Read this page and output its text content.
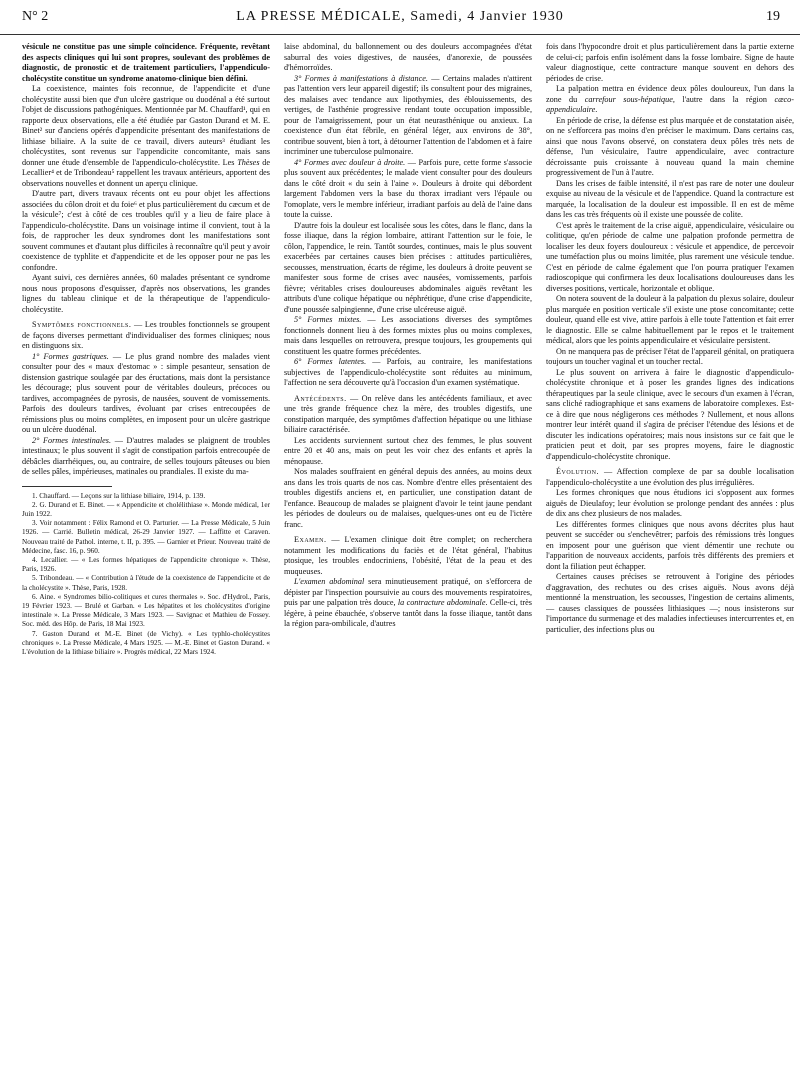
N° 2	LA PRESSE MÉDICALE, Samedi, 4 Janvier 1930	19

vésicule ne constitue pas une simple coïncidence. Fréquente, revêtant des aspects cliniques qui lui sont propres, soulevant des problèmes de diagnostic, de pronostic et de traitement particuliers, l'appendiculo-cholécystite constitue un syndrome anatomo-clinique bien défini.

La coexistence, maintes fois reconnue, de l'appendicite et d'une cholécystite aussi bien que d'un ulcère gastrique ou duodénal a été surtout l'objet de discussions pathogéniques. Mentionnée par M. Chauffard¹, qui en rapporte deux observations, elle a été étudiée par Gaston Durand et M. E. Binet² sur d'anciens opérés d'appendicite présentant des manifestations de lithiase biliaire. A la suite de ce travail, divers auteurs³ étudiant les cholécystites, sont revenus sur l'appendicite concomitante, mais sans donner une étude d'ensemble de l'appendiculo-cholécystite. Les Thèses de Lecallier⁴ et de Tribondeau⁵ rappellent les travaux antérieurs, apportent des observations nouvelles et donnent un aperçu clinique.

D'autre part, divers travaux récents ont eu pour objet les affections associées du côlon droit et du foie⁶ et plus particulièrement du cæcum et de la vésicule⁷; c'est à côté de ces troubles qu'il y a lieu de faire place à l'appendiculo-cholécystite. Dans un voisinage intime il convient, tout à la fois, de rapprocher les deux syndromes dont les manifestations sont souvent communes et d'autant plus difficiles à reconnaître qu'il peut y avoir coexistence de typhlite et d'appendicite et de les opposer pour ne pas les confondre.

Ayant suivi, ces dernières années, 60 malades présentant ce syndrome nous nous proposons d'esquisser, d'après nos observations, les grandes lignes du tableau clinique et de la thérapeutique de l'appendiculo-cholécystite.

Symptômes fonctionnels. — Les troubles fonctionnels se groupent de façons diverses permettant d'individualiser des formes cliniques; nous en distinguons six.

1° Formes gastriques. — Le plus grand nombre des malades vient consulter pour des « maux d'estomac » : simple pesanteur, sensation de distension gastrique soulagée par des éructations, mais dont la persistance les décourage; plus souvent pour de véritables douleurs, précoces ou tardives, accompagnées de pyrosis, de nausées, souvent de vomissements. Parfois des douleurs tardives, évoluant par crises entrecoupées de rémissions plus ou moins complètes, en imposent pour un ulcère gastrique ou un ulcère duodénal.

2° Formes intestinales. — D'autres malades se plaignent de troubles intestinaux; le plus souvent il s'agit de constipation parfois entrecoupée de débâcles diarrhéiques, ou, au contraire, de selles toujours pâteuses ou bien de selles pâles, impérieuses, matinales ou prandiales. Il existe du ma-

1. Chauffard. — Leçons sur la lithiase biliaire, 1914, p. 139.

2. G. Durand et E. Binet. — « Appendicite et cholélithiase ». Monde médical, 1er Juin 1922.

3. Voir notamment : Félix Ramond et O. Parturier. — La Presse Médicale, 5 Juin 1926. — Carrié. Bulletin médical, 26-29 Janvier 1927. — Laffitte et Caraven. Nouveau traité de Pathol. interne, t. II, p. 395. — Garnier et Prieur. Nouveau traité de Médecine, fasc. 16, p. 960.

4. Lecallier. — « Les formes hépatiques de l'appendicite chronique ». Thèse, Paris, 1926.

5. Tribondeau. — « Contribution à l'étude de la coexistence de l'appendicite et de la cholécystite ». Thèse, Paris, 1928.

6. Aine. « Syndromes bilio-colitiques et cures thermales ». Soc. d'Hydrol., Paris, 19 Février 1923. — Brulé et Garban. « Les hépatites et les cholécystites d'origine intestinale ». La Presse Médicale, 3 Mars 1923. — Savignac et Mathieu de Fossey. Soc. méd. des Hôp. de Paris, 18 Mai 1923.

7. Gaston Durand et M.-E. Binet (de Vichy). « Les typhlo-cholécystites chroniques ». La Presse Médicale, 4 Mars 1925. — M.-E. Binet et Gaston Durand. « L'évolution de la lithiase biliaire ». Progrès médical, 22 Mars 1924.

laise abdominal, du ballonnement ou des douleurs accompagnées d'état saburral des voies digestives, de nausées, d'anorexie, de poussées d'hémorroïdes.

3° Formes à manifestations à distance. — Certains malades n'attirent pas l'attention vers leur appareil digestif; ils consultent pour des migraines, des malaises avec tendance aux lipothymies, des éblouissements, des vertiges, de l'asthénie progressive rendant toute occupation impossible, pour de l'amaigrissement, pour un état neurasthénique ou anxieux. La coexistence d'un état fébrile, en général léger, aux environs de 38°, contribue souvent, bien à tort, à détourner l'attention de l'abdomen et à faire incriminer une tuberculose pulmonaire.

4° Formes avec douleur à droite. — Parfois pure, cette forme s'associe plus souvent aux précédentes; le malade vient consulter pour des douleurs dans le côté droit « du sein à l'aine ». Douleurs à droite qui débordent largement l'abdomen vers la base du thorax irradiant vers l'épaule ou l'omoplate, vers le membre inférieur, irradiant parfois au delà de l'aine dans toute la cuisse.

D'autre fois la douleur est localisée sous les côtes, dans le flanc, dans la fosse iliaque, dans la région lombaire, attirant l'attention sur le foie, le côlon, l'appendice, le rein. Tantôt sourdes, continues, mais le plus souvent exacerbées par certaines causes bien précises : attitudes particulières, secousses, menstruation, écarts de régime, les douleurs à droite peuvent se manifester sous forme de crises avec nausées, vomissements, parfois fièvre; véritables crises douloureuses abdominales aiguës revêtant les attributs d'une colique hépatique ou néphrétique, d'une crise d'appendicite, d'une poussée salpingienne, d'une crise ulcéreuse aiguë.

5° Formes mixtes. — Les associations diverses des symptômes fonctionnels donnent lieu à des formes mixtes plus ou moins complexes, mais dans lesquelles on retrouvera, presque toujours, les groupements qui constituent les quatre formes précédentes.

6° Formes latentes. — Parfois, au contraire, les manifestations subjectives de l'appendiculo-cholécystite sont réduites au minimum, l'affection ne sera découverte qu'à l'occasion d'un examen systématique.

Antécédents. — On relève dans les antécédents familiaux, et avec une très grande fréquence chez la mère, des troubles digestifs, une constipation marquée, des symptômes d'affection hépatique ou une lithiase biliaire caractérisée.

Les accidents surviennent surtout chez des femmes, le plus souvent entre 20 et 40 ans, mais on peut les voir chez des enfants et après la ménopause.

Nos malades souffraient en général depuis des années, au moins deux ans dans les trois quarts de nos cas. Nombre d'entre elles présentaient des troubles digestifs anciens et, en particulier, une constipation datant de l'enfance. Beaucoup de malades se plaignent d'avoir le teint jaune pendant les périodes de douleurs ou de malaises, quelques-unes ont eu de l'ictère franc.

Examen. — L'examen clinique doit être complet; on recherchera notamment les modifications du faciès et de l'état général, l'habitus ptosique, les troubles endocriniens, l'obésité, l'état de la peau et des muqueuses.

L'examen abdominal sera minutieusement pratiqué, on s'efforcera de dépister par l'inspection poursuivie au cours des mouvements respiratoires, puis par une palpation très douce, la contracture abdominale. Celle-ci, très légère, à peine ébauchée, s'observe tantôt dans la fosse iliaque, tantôt dans la région para-ombilicale, d'autres

fois dans l'hypocondre droit et plus particulièrement dans la partie externe de celui-ci; parfois enfin isolément dans la fosse lombaire. Signe de haute valeur diagnostique, cette contracture manque souvent en dehors des périodes de crise.

La palpation mettra en évidence deux pôles douloureux, l'un dans la zone du carrefour sous-hépatique, l'autre dans la région cæco-appendiculaire.

En période de crise, la défense est plus marquée et de constatation aisée, on ne s'efforcera pas moins d'en préciser le maximum. Dans certains cas, ainsi que nous l'avons observé, on constatera deux pôles très nets de défense, l'un vésiculaire, l'autre appendiculaire, avec contracture décroissante puis croissante à nouveau quand la main chemine progressivement de l'un à l'autre.

Dans les crises de faible intensité, il n'est pas rare de noter une douleur exquise au niveau de la vésicule et de l'appendice. Quand la contracture est marquée, la localisation de la douleur est impossible. Il en est de même dans les cas très fréquents où il existe une poussée de colite.

C'est après le traitement de la crise aiguë, appendiculaire, vésiculaire ou colitique, qu'en période de calme une palpation profonde permettra de localiser les deux foyers douloureux : vésicule et appendice, de percevoir une tuméfaction plus ou moins limitée, plus rarement une vésicule tendue. C'est en période de calme également que l'on pourra pratiquer l'examen radioscopique qui confirmera les deux localisations douloureuses dans les diverses positions, verticale, horizontale et oblique.

On notera souvent de la douleur à la palpation du plexus solaire, douleur plus marquée en position verticale s'il existe une ptose concomitante; cette douleur, quand elle est vive, attire parfois à elle toute l'attention et fait errer le diagnostic. Elle se calme habituellement par le repos et le traitement médical, alors que les points appendiculaire et vésiculaire persistent.

On ne manquera pas de préciser l'état de l'appareil génital, on pratiquera toujours un toucher vaginal et un toucher rectal.

Le plus souvent on arrivera à faire le diagnostic d'appendiculo-cholécystite chronique et à poser les grandes lignes des indications thérapeutiques par la seule clinique, avec le secours d'un examen à l'écran, sans cliché radiographique et sans examens de laboratoire complexes. Est-ce à dire que nous négligerons ces méthodes ? Nullement, et nous allons montrer leur intérêt quand il s'agira de préciser l'étendue des lésions et de discuter les indications opératoires; mais nous insistons sur ce fait que le praticien peut et doit, par ses propres moyens, faire le diagnostic d'appendiculo-cholécystite chronique.

Évolution. — Affection complexe de par sa double localisation l'appendiculo-cholécystite a une évolution des plus irrégulières.

Les formes chroniques que nous étudions ici s'opposent aux formes aiguës de Dieulafoy; leur évolution se prolonge pendant des années : plus de dix ans chez plusieurs de nos malades.

Les différentes formes cliniques que nous avons décrites plus haut peuvent se succéder ou s'enchevêtrer; parfois des rémissions très longues en imposent pour une guérison que vient démentir une rechute ou l'apparition de nouveaux accidents, parfois très différents des premiers et dont la filiation peut échapper.

Certaines causes précises se retrouvent à l'origine des périodes d'aggravation, des rechutes ou des crises aiguës. Nous avons déjà mentionné la menstruation, les secousses, l'ingestion de certains aliments, — causes classiques de poussées lithiasiques —; nous insisterons sur l'importance du surmenage et des maladies infectieuses intercurrentes et, en particulier, des infections plus ou
